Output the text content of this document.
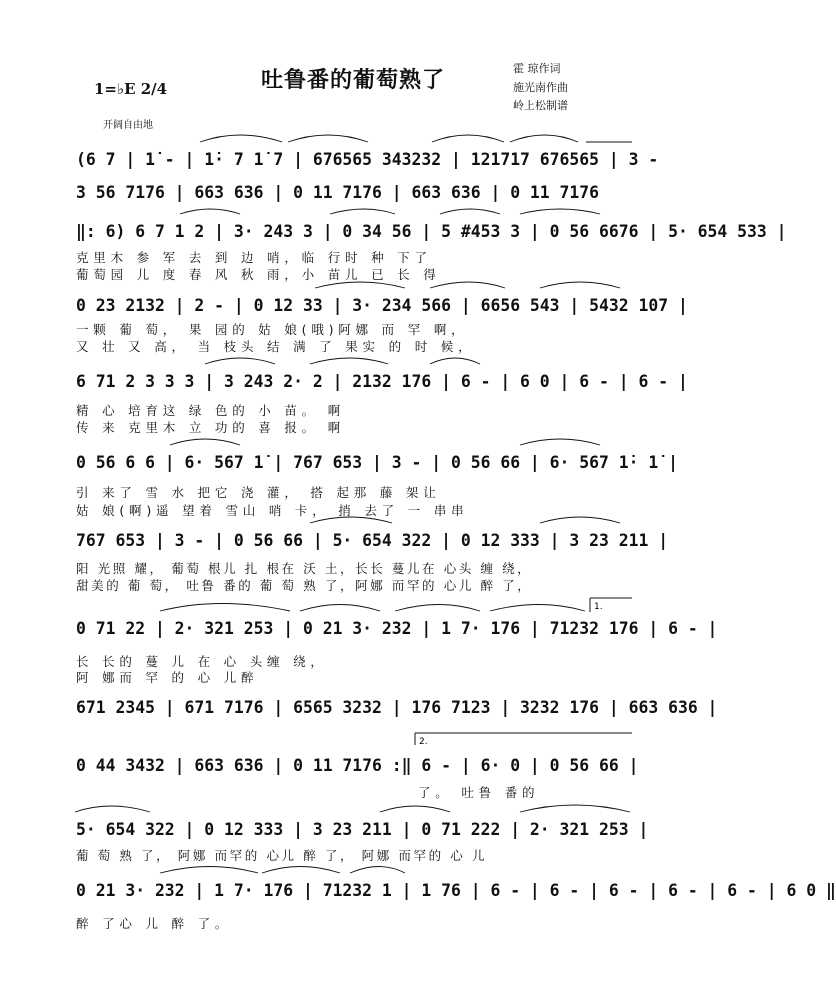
吐鲁番的葡萄熟了
1=♭E 2/4
霍 琼作词
施光南作曲
岭上松制谱
开阔自由地
(6 7 | 1̇ - | 1̇· 7 1̇ 7 | 676565 343232 | 121717 676565 | 3 -
3 56 7176 | 663 636 | 0 11 7176 | 663 636 | 0 11 7176
‖: 6) 6 7 1 2 | 3· 243 3 | 0 34 56 | 5 #453 3 | 0 56 6676 | 5· 654 533 |
0 23 2132 | 2 - | 0 12 33 | 3· 234 566 | 6656 543 | 5432 107 |
6 71 2 3 3 3 | 3 243 2· 2 | 2132 176 | 6 - | 6 0 | 6 - | 6 - |
0 56 6 6 | 6· 567 1̇ | 767 653 | 3 - | 0 56 66 | 6· 567 1̇· 1̇ |
767 653 | 3 - | 0 56 66 | 5· 654 322 | 0 12 333 | 3 23 211 |
0 71 22 | 2· 321 253 | 0 21 3· 232 | 1 7· 176 | 71232 176 | 6 - |
671 2345 | 671 7176 | 6565 3232 | 176 7123 | 3232 176 | 663 636 |
0 44 3432 | 663 636 | 0 11 7176 :‖ 6 - | 6· 0 | 0 56 66 |
5· 654 322 | 0 12 333 | 3 23 211 | 0 71 222 | 2· 321 253 |
0 21 3· 232 | 1 7· 176 | 71232 1 | 1 76 | 6 - | 6 - | 6 - | 6 - | 6 - | 6 0 ‖
克里木 参 军 去 到 边 哨，临 行时 种 下了
葡萄园 儿 度 春 风 秋 雨，小 苗儿 已 长 得
一颗 葡 萄， 果 园的 姑 娘(哦)阿娜 而 罕 啊，
又 壮 又 高， 当 枝头 结 满 了 果实 的 时 候，
精 心 培育这 绿 色的 小 苗。 啊
传 来 克里木 立 功的 喜 报。 啊
引 来了 雪 水 把它 浇 灌， 搭 起那 藤 架让
姑 娘(啊)遥 望着 雪山 哨 卡， 捎 去了 一 串串
阳 光照 耀， 葡萄 根儿 扎 根在 沃 土，长长 蔓儿在 心头 缠 绕，
甜美的 葡 萄， 吐鲁 番的 葡 萄 熟 了，阿娜 而罕的 心儿 醉 了，
长 长的 蔓 儿 在 心 头缠 绕，
阿 娜而 罕 的 心 儿醉
了。 吐鲁 番的
葡 萄 熟 了， 阿娜 而罕的 心儿 醉 了， 阿娜 而罕的 心 儿
醉 了心 儿 醉 了。
1.
2.
